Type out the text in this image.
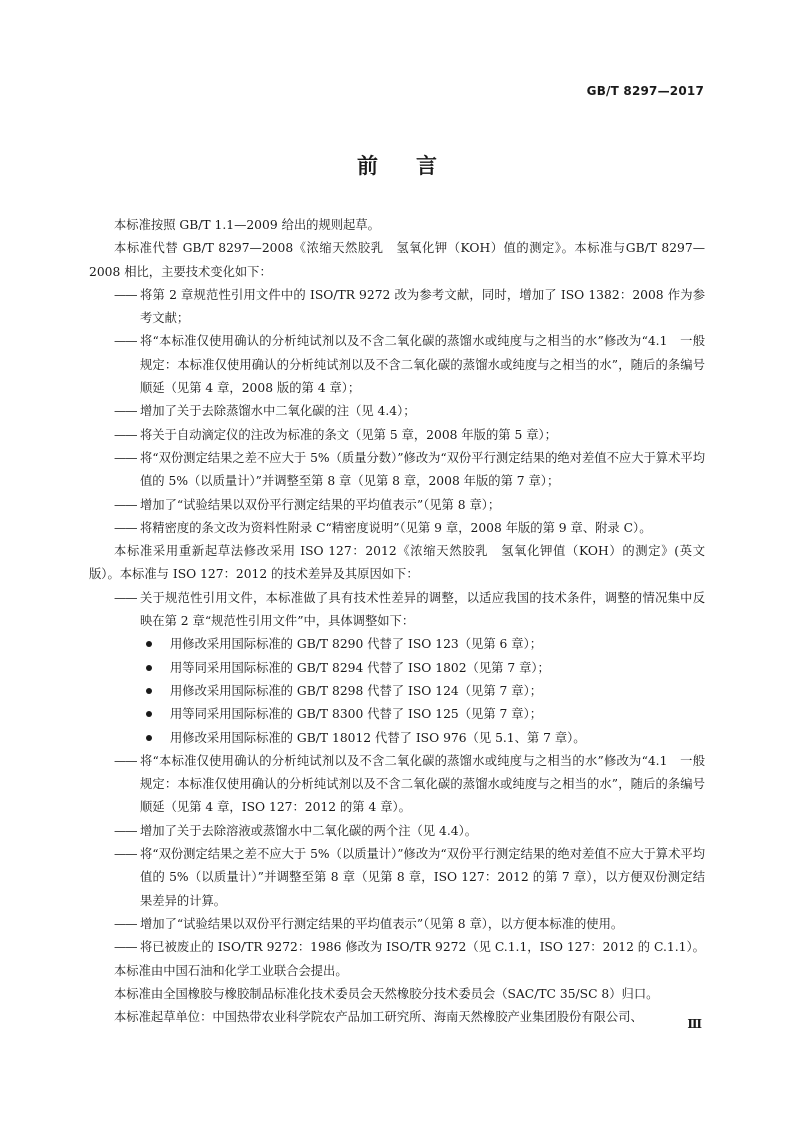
GB/T 8297—2017
前 言

本标准按照 GB/T 1.1—2009 给出的规则起草。

本标准代替 GB/T 8297—2008《浓缩天然胶乳　氢氧化钾（KOH）值的测定》。本标准与GB/T 8297—2008 相比，主要技术变化如下：

—— 将第 2 章规范性引用文件中的 ISO/TR 9272 改为参考文献，同时，增加了 ISO 1382：2008 作为参考文献；
—— 将“本标准仅使用确认的分析纯试剂以及不含二氧化碳的蒸馏水或纯度与之相当的水”修改为“4.1　一般规定：本标准仅使用确认的分析纯试剂以及不含二氧化碳的蒸馏水或纯度与之相当的水”，随后的条编号顺延（见第 4 章，2008 版的第 4 章）；
—— 增加了关于去除蒸馏水中二氧化碳的注（见 4.4）；
—— 将关于自动滴定仪的注改为标准的条文（见第 5 章，2008 年版的第 5 章）；
—— 将“双份测定结果之差不应大于 5%（质量分数）”修改为“双份平行测定结果的绝对差值不应大于算术平均值的 5%（以质量计）”并调整至第 8 章（见第 8 章，2008 年版的第 7 章）；
—— 增加了“试验结果以双份平行测定结果的平均值表示”（见第 8 章）；
—— 将精密度的条文改为资料性附录 C“精密度说明”（见第 9 章，2008 年版的第 9 章、附录 C）。

本标准采用重新起草法修改采用 ISO 127：2012《浓缩天然胶乳　氢氧化钾值（KOH）的测定》(英文版）。本标准与 ISO 127：2012 的技术差异及其原因如下：

—— 关于规范性引用文件，本标准做了具有技术性差异的调整，以适应我国的技术条件，调整的情况集中反映在第 2 章“规范性引用文件”中，具体调整如下：
用修改采用国际标准的 GB/T 8290 代替了 ISO 123（见第 6 章）；
用等同采用国际标准的 GB/T 8294 代替了 ISO 1802（见第 7 章）；
用修改采用国际标准的 GB/T 8298 代替了 ISO 124（见第 7 章）；
用等同采用国际标准的 GB/T 8300 代替了 ISO 125（见第 7 章）；
用修改采用国际标准的 GB/T 18012 代替了 ISO 976（见 5.1、第 7 章）。
—— 将“本标准仅使用确认的分析纯试剂以及不含二氧化碳的蒸馏水或纯度与之相当的水”修改为“4.1　一般规定：本标准仅使用确认的分析纯试剂以及不含二氧化碳的蒸馏水或纯度与之相当的水”，随后的条编号顺延（见第 4 章，ISO 127：2012 的第 4 章）。
—— 增加了关于去除溶液或蒸馏水中二氧化碳的两个注（见 4.4）。
—— 将“双份测定结果之差不应大于 5%（以质量计）”修改为“双份平行测定结果的绝对差值不应大于算术平均值的 5%（以质量计）”并调整至第 8 章（见第 8 章，ISO 127：2012 的第 7 章），以方便双份测定结果差异的计算。
—— 增加了“试验结果以双份平行测定结果的平均值表示”（见第 8 章），以方便本标准的使用。
—— 将已被废止的 ISO/TR 9272：1986 修改为 ISO/TR 9272（见 C.1.1，ISO 127：2012 的 C.1.1）。

本标准由中国石油和化学工业联合会提出。

本标准由全国橡胶与橡胶制品标准化技术委员会天然橡胶分技术委员会（SAC/TC 35/SC 8）归口。

本标准起草单位：中国热带农业科学院农产品加工研究所、海南天然橡胶产业集团股份有限公司、	Ⅲ
